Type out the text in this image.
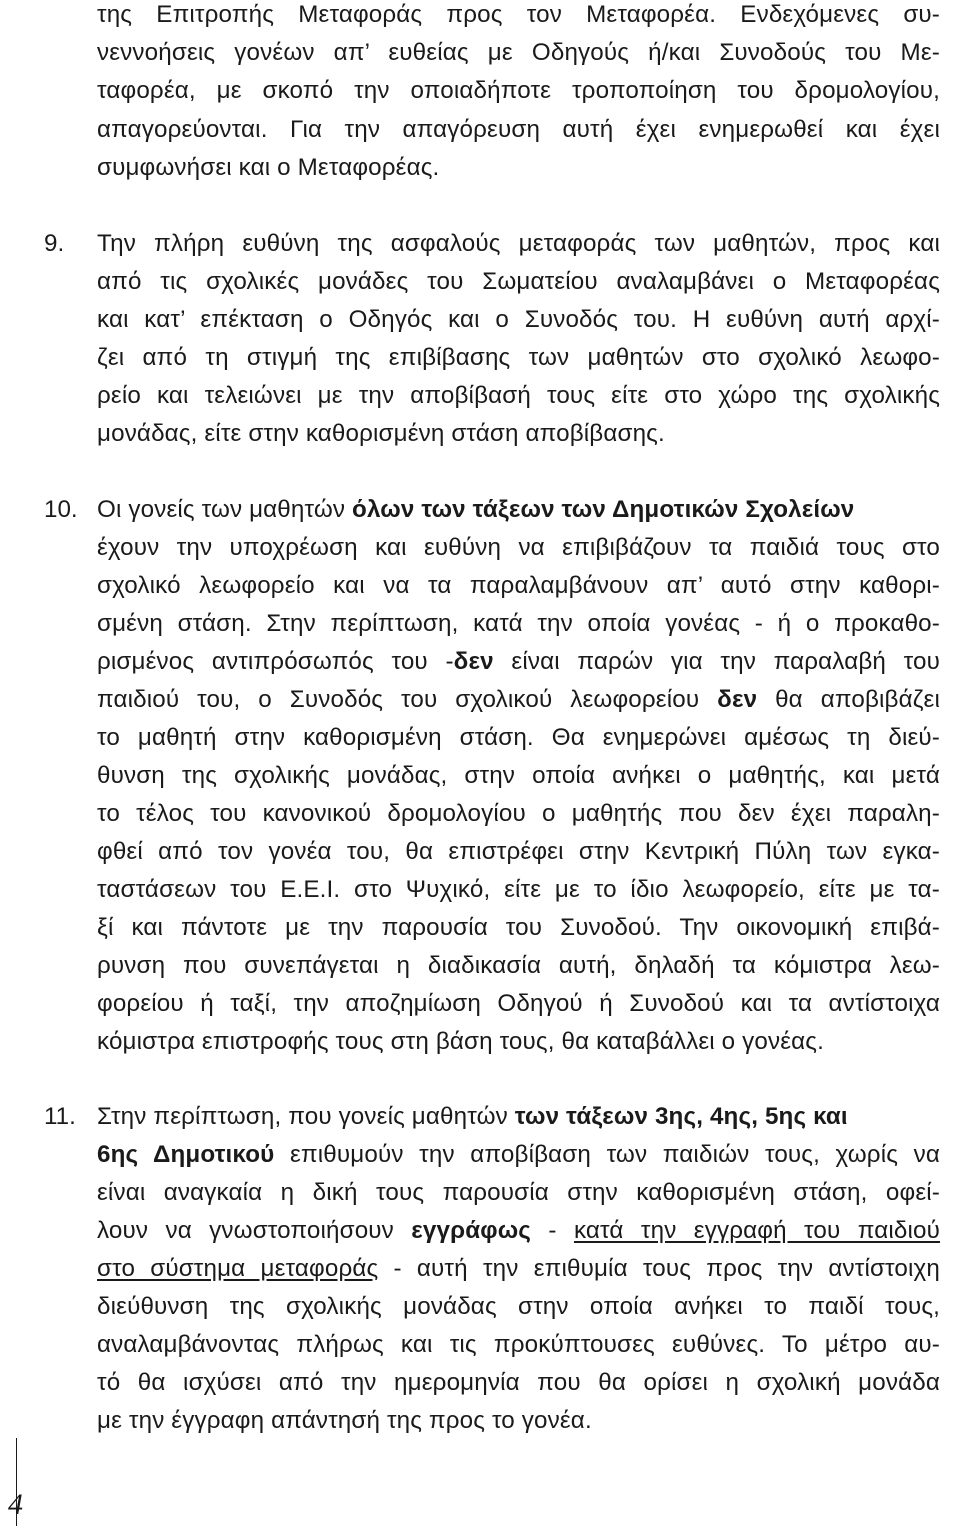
της Επιτροπής Μεταφοράς προς τον Μεταφορέα. Ενδεχόμενες συ-
νεννοήσεις γονέων απ’ ευθείας με Οδηγούς ή/και Συνοδούς του Με-
ταφορέα, με σκοπό την οποιαδήποτε τροποποίηση του δρομολογίου,
απαγορεύονται. Για την απαγόρευση αυτή έχει ενημερωθεί και έχει
συμφωνήσει και ο Μεταφορέας.
9. Την πλήρη ευθύνη της ασφαλούς μεταφοράς των μαθητών, προς και
από τις σχολικές μονάδες του Σωματείου αναλαμβάνει ο Μεταφορέας
και κατ’ επέκταση ο Οδηγός και ο Συνοδός του. Η ευθύνη αυτή αρχί-
ζει από τη στιγμή της επιβίβασης των μαθητών στο σχολικό λεωφο-
ρείο και τελειώνει με την αποβίβασή τους είτε στο χώρο της σχολικής
μονάδας, είτε στην καθορισμένη στάση αποβίβασης.
10. Οι γονείς των μαθητών όλων των τάξεων των Δημοτικών Σχολείων
έχουν την υποχρέωση και ευθύνη να επιβιβάζουν τα παιδιά τους στο
σχολικό λεωφορείο και να τα παραλαμβάνουν απ’ αυτό στην καθορι-
σμένη στάση. Στην περίπτωση, κατά την οποία γονέας - ή ο προκαθο-
ρισμένος αντιπρόσωπός του -δεν είναι παρών για την παραλαβή του
παιδιού του, ο Συνοδός του σχολικού λεωφορείου δεν θα αποβιβάζει
το μαθητή στην καθορισμένη στάση. Θα ενημερώνει αμέσως τη διεύ-
θυνση της σχολικής μονάδας, στην οποία ανήκει ο μαθητής, και μετά
το τέλος του κανονικού δρομολογίου ο μαθητής που δεν έχει παραλη-
φθεί από τον γονέα του, θα επιστρέφει στην Κεντρική Πύλη των εγκα-
ταστάσεων του Ε.Ε.Ι. στο Ψυχικό, είτε με το ίδιο λεωφορείο, είτε με τα-
ξί και πάντοτε με την παρουσία του Συνοδού. Την οικονομική επιβά-
ρυνση που συνεπάγεται η διαδικασία αυτή, δηλαδή τα κόμιστρα λεω-
φορείου ή ταξί, την αποζημίωση Οδηγού ή Συνοδού και τα αντίστοιχα
κόμιστρα επιστροφής τους στη βάση τους, θα καταβάλλει ο γονέας.
11. Στην περίπτωση, που γονείς μαθητών των τάξεων 3ης, 4ης, 5ης και
6ης Δημοτικού επιθυμούν την αποβίβαση των παιδιών τους, χωρίς να
είναι αναγκαία η δική τους παρουσία στην καθορισμένη στάση, οφεί-
λουν να γνωστοποιήσουν εγγράφως - κατά την εγγραφή του παιδιού
στο σύστημα μεταφοράς - αυτή την επιθυμία τους προς την αντίστοιχη
διεύθυνση της σχολικής μονάδας στην οποία ανήκει το παιδί τους,
αναλαμβάνοντας πλήρως και τις προκύπτουσες ευθύνες. Το μέτρο αυ-
τό θα ισχύσει από την ημερομηνία που θα ορίσει η σχολική μονάδα
με την έγγραφη απάντησή της προς το γονέα.
4
